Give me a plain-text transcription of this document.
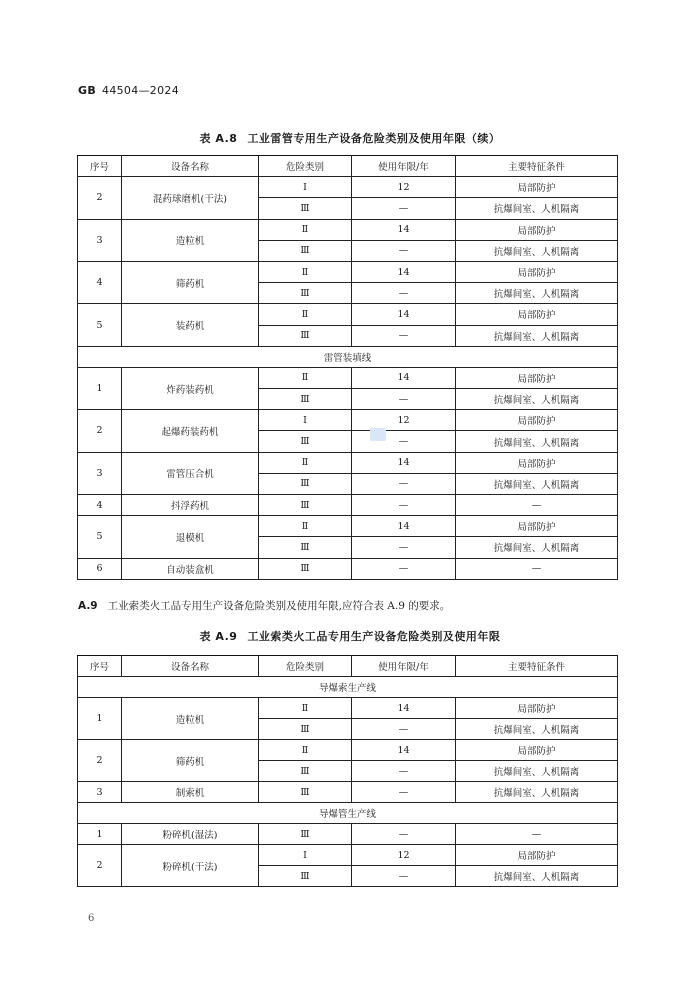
GB 44504—2024
表 A.8 工业雷管专用生产设备危险类别及使用年限（续）
序号	设备名称	危险类别	使用年限/年	主要特征条件
2	混药球磨机(干法)	Ⅰ	12	局部防护
		Ⅲ	—	抗爆间室、人机隔离
3	造粒机	Ⅱ	14	局部防护
		Ⅲ	—	抗爆间室、人机隔离
4	筛药机	Ⅱ	14	局部防护
		Ⅲ	—	抗爆间室、人机隔离
5	装药机	Ⅱ	14	局部防护
		Ⅲ	—	抗爆间室、人机隔离
雷管装填线				
1	炸药装药机	Ⅱ	14	局部防护
		Ⅲ	—	抗爆间室、人机隔离
2	起爆药装药机	Ⅰ	12	局部防护
		Ⅲ	—	抗爆间室、人机隔离
3	雷管压合机	Ⅱ	14	局部防护
		Ⅲ	—	抗爆间室、人机隔离
4	抖浮药机	Ⅲ	—	—
5	退模机	Ⅱ	14	局部防护
		Ⅲ	—	抗爆间室、人机隔离
6	自动装盒机	Ⅲ	—	—
A.9 工业索类火工品专用生产设备危险类别及使用年限,应符合表 A.9 的要求。
表 A.9 工业索类火工品专用生产设备危险类别及使用年限
序号	设备名称	危险类别	使用年限/年	主要特征条件
导爆索生产线				
1	造粒机	Ⅱ	14	局部防护
		Ⅲ	—	抗爆间室、人机隔离
2	筛药机	Ⅱ	14	局部防护
		Ⅲ	—	抗爆间室、人机隔离
3	制索机	Ⅲ	—	抗爆间室、人机隔离
导爆管生产线				
1	粉碎机(湿法)	Ⅲ	—	—
2	粉碎机(干法)	Ⅰ	12	局部防护
		Ⅲ	—	抗爆间室、人机隔离
6
